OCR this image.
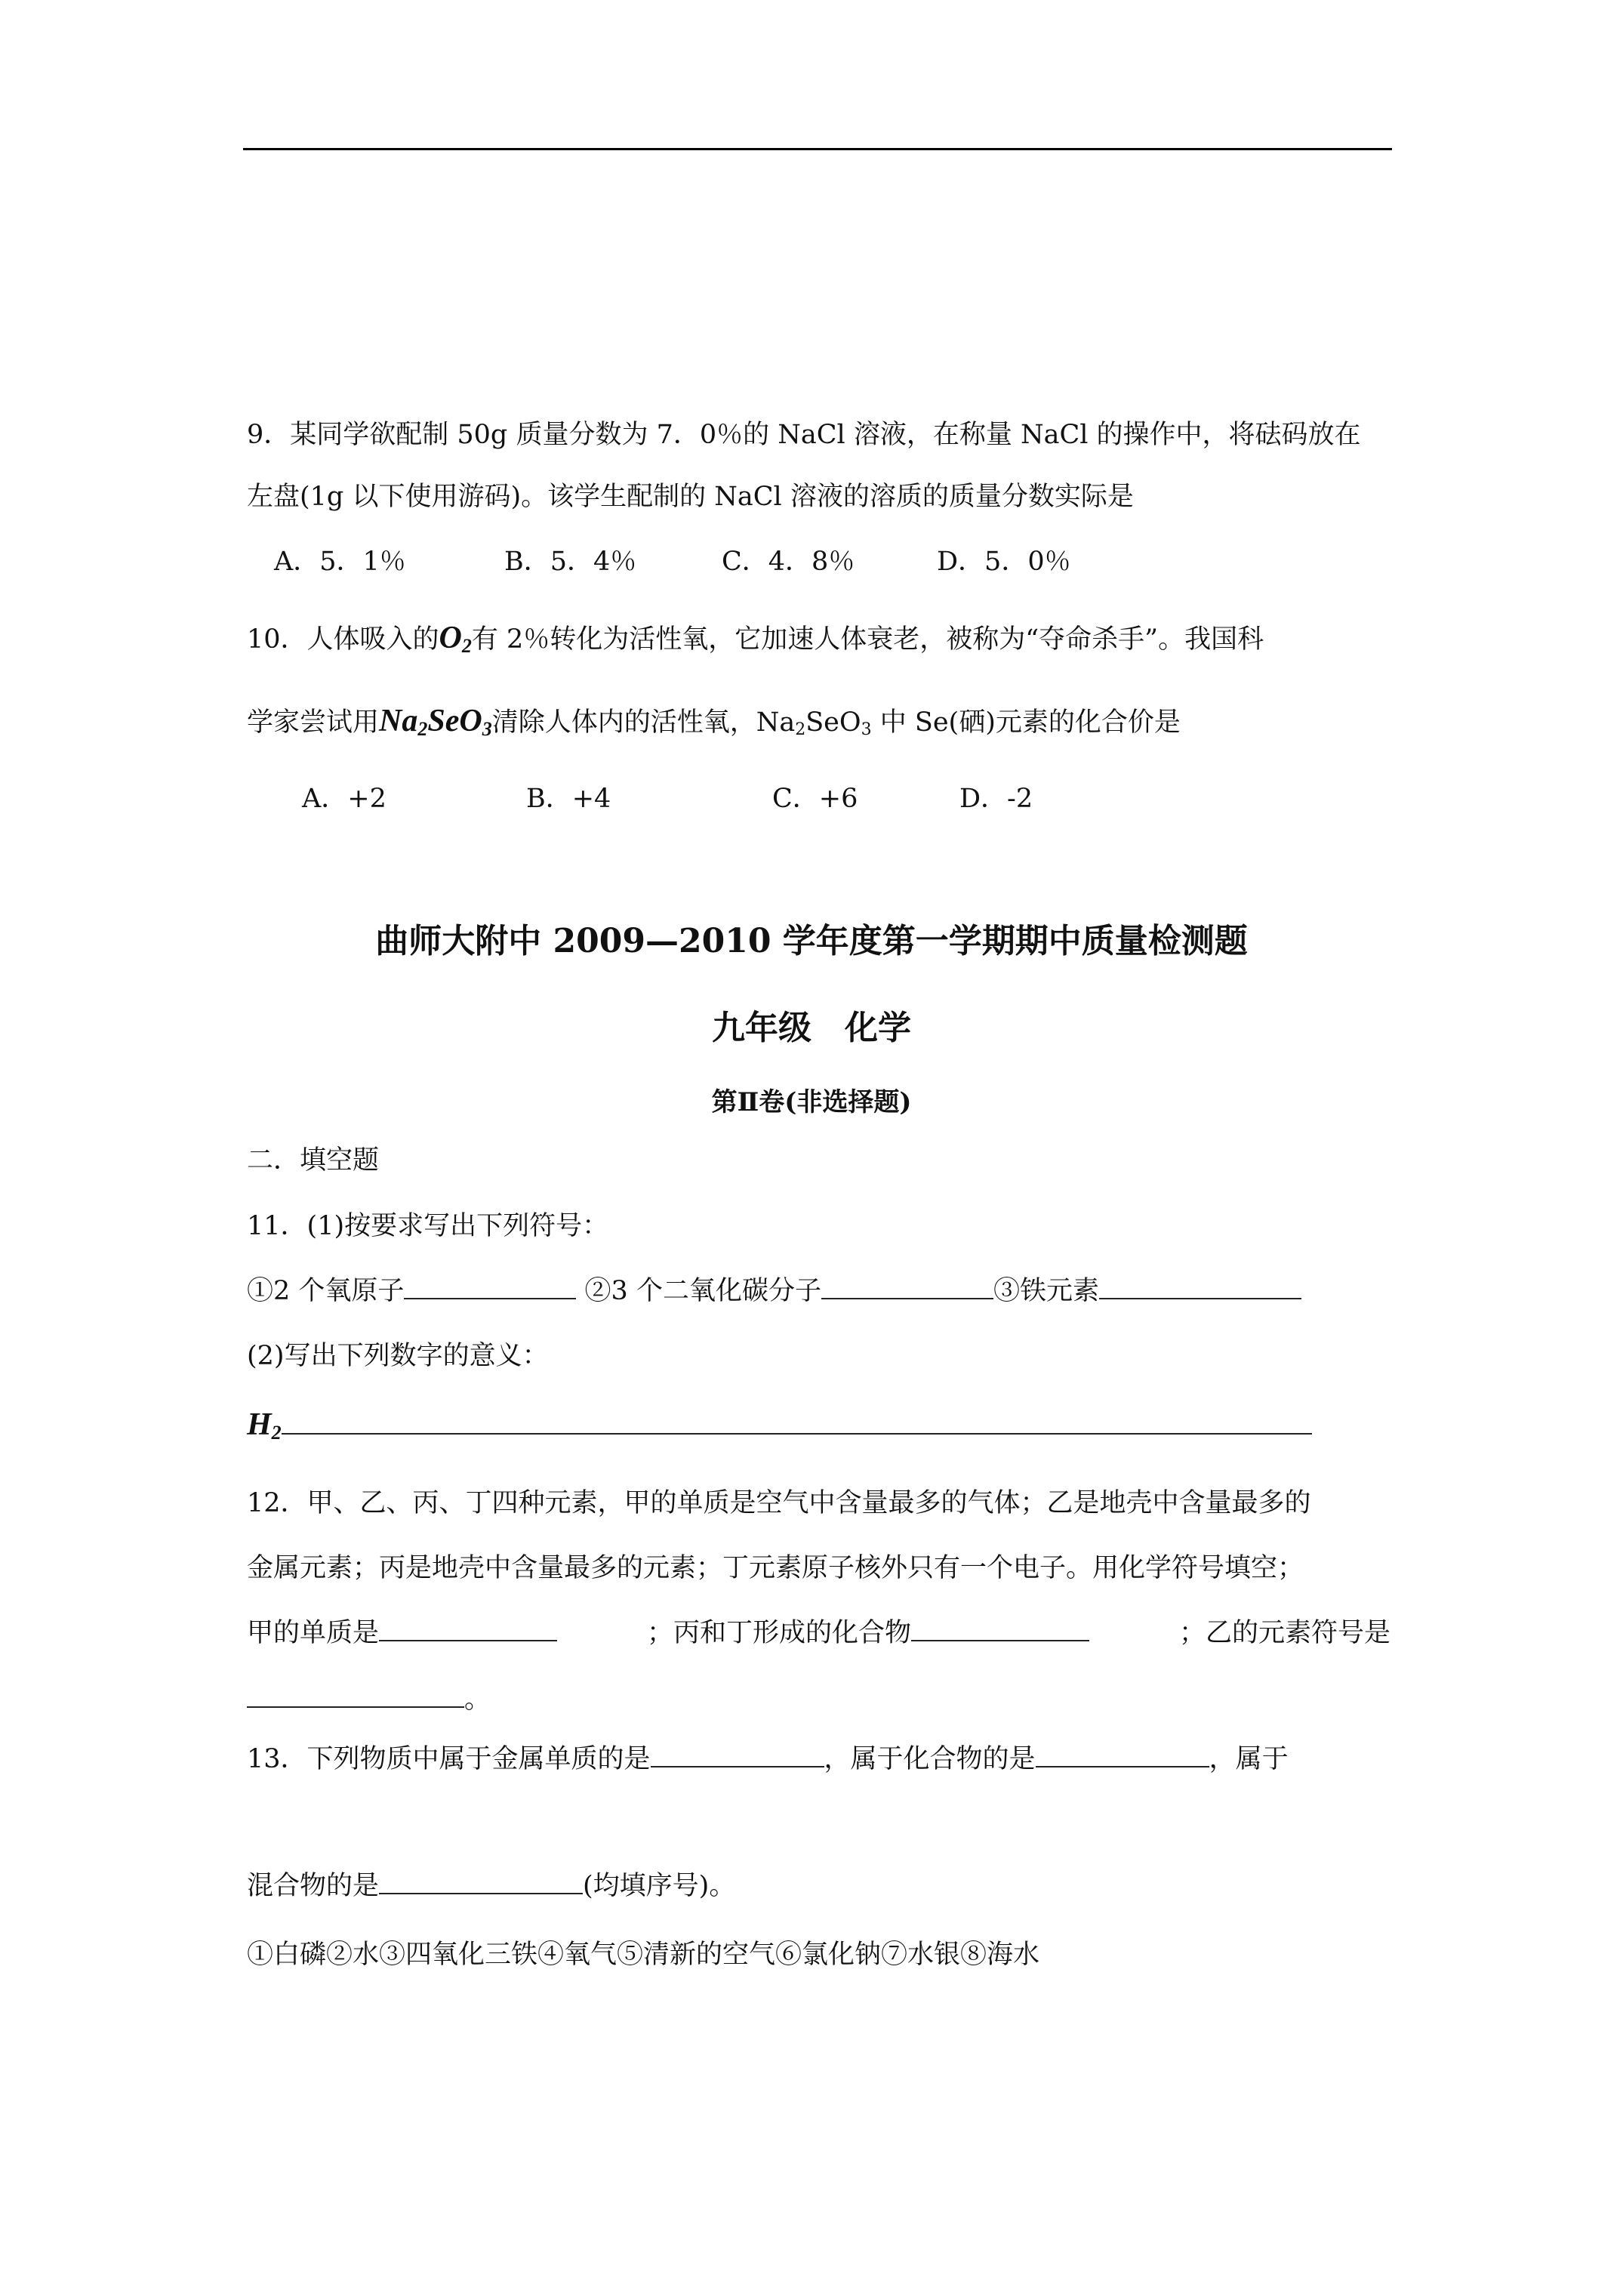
9．某同学欲配制 50g 质量分数为 7．0％的 NaCl 溶液，在称量 NaCl 的操作中，将砝码放在
左盘(1g 以下使用游码)。该学生配制的 NaCl 溶液的溶质的质量分数实际是
A．5．1％	B．5．4％	C．4．8％	D．5．0％
10．人体吸入的$O_2$有 2％转化为活性氧，它加速人体衰老，被称为“夺命杀手”。我国科
学家尝试用$Na_2SeO_3$清除人体内的活性氧，$Na_2SeO_3$ 中 Se(硒)元素的化合价是
A．+2	B．+4	C．+6	D．-2
曲师大附中 2009—2010 学年度第一学期期中质量检测题
九年级　化学
第Ⅱ卷(非选择题)
二．填空题
11．(1)按要求写出下列符号：
①2 个氧原子	②3 个二氧化碳分子	③铁元素
(2)写出下列数字的意义：
$H_2$
12．甲、乙、丙、丁四种元素，甲的单质是空气中含量最多的气体；乙是地壳中含量最多的
金属元素；丙是地壳中含量最多的元素；丁元素原子核外只有一个电子。用化学符号填空；
甲的单质是	；丙和丁形成的化合物	；乙的元素符号是
。
13．下列物质中属于金属单质的是	，属于化合物的是	，属于
混合物的是	(均填序号)。
①白磷②水③四氧化三铁④氧气⑤清新的空气⑥氯化钠⑦水银⑧海水
